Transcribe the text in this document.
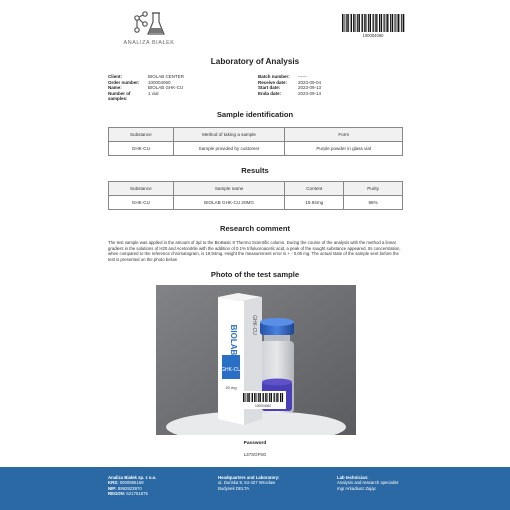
ANALIZA BIAŁEK
100004060
Laboratory of Analysis
Client:	BIOLAB CENTER
Order number:	100004060
Name:	BIOLAB GHK-CU
Number of samples:
1 vial
Batch number:	------
Receive date:	2023-09-04
Start date:	2023-09-13
Enda date:	2023-09-14
Sample identification
Substance	Method of taking a sample	Form
GHK-CU	Sample provided by customer	Purple powder in glass vial
Results
Substance	Sample name	Content	Purity
GHK-CU	BIOLAB GHK-CU 20MG	19.94mg	98%
Research comment

The test sample was applied in the amount of 3µl to the BioBasic 8 Thermo Scientific column. During the course of the analysis with the method a linear gradient in the solutions of H20 and Acetonitrile with the addition of 0.1% trifuluoroacetic acid, a peak of the sought substance appeared. Its concentration, when compared to the reference chromatogram, is 19,94mg. Height the measurement error is + - 0.05 mg. The actual state of the sample sent before the test is presented on the photo below

Photo of the test sample
BIOLAB
GHK-CU
20 mg
GHK-CU
100004060
Password
L37SGF6G
Analiza Białek sp. z o.o.
KRS: 0000966168
NIP: 8992923970
REGON: 521751875
Headquarters and Laboratory:
ul. Duńska 9, 54-427 Wrocław
Budynek DELTA
Lab technician:
Analysis and research specialist
mgr Arkadiusz Zając
